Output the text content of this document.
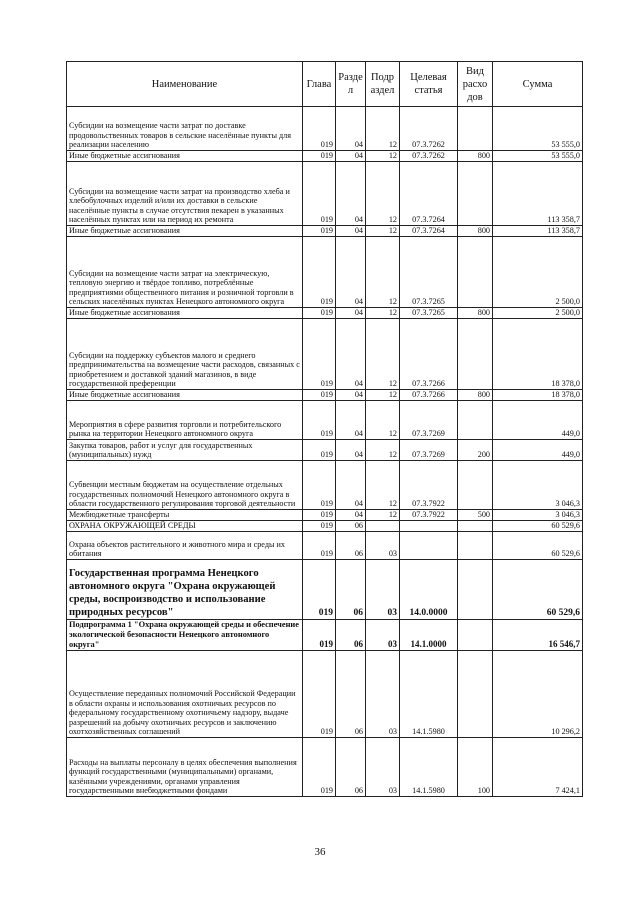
Наименование	Глава	Разде л	Подр аздел	Целевая статья	Вид расхо дов	Сумма
Субсидии на возмещение части затрат по доставке продовольственных товаров в сельские населённые пункты для реализации населению	019	04	12	07.3.7262		53 555,0
Иные бюджетные ассигнования	019	04	12	07.3.7262	800	53 555,0
Субсидии на возмещение части затрат на производство хлеба и хлебобулочных изделий и/или их доставки в сельские населённые пункты в случае отсутствия пекарен в указанных населённых пунктах или на период их ремонта	019	04	12	07.3.7264		113 358,7
Иные бюджетные ассигнования	019	04	12	07.3.7264	800	113 358,7
Субсидии на возмещение части затрат на электрическую, тепловую энергию и твёрдое топливо, потреблённые предприятиями общественного питания и розничной торговли в сельских населённых пунктах Ненецкого автономного округа	019	04	12	07.3.7265		2 500,0
Иные бюджетные ассигнования	019	04	12	07.3.7265	800	2 500,0
Субсидии на поддержку субъектов малого и среднего предпринимательства на возмещение части расходов, связанных с приобретением и доставкой зданий магазинов, в виде государственной преференции	019	04	12	07.3.7266		18 378,0
Иные бюджетные ассигнования	019	04	12	07.3.7266	800	18 378,0
Мероприятия в сфере развития торговли и потребительского рынка на территории Ненецкого автономного округа	019	04	12	07.3.7269		449,0
Закупка товаров, работ и услуг для государственных (муниципальных) нужд	019	04	12	07.3.7269	200	449,0
Субвенции местным бюджетам на осуществление отдельных государственных полномочий Ненецкого автономного округа в области государственного регулирования торговой деятельности	019	04	12	07.3.7922		3 046,3
Межбюджетные трансферты	019	04	12	07.3.7922	500	3 046,3
ОХРАНА ОКРУЖАЮЩЕЙ СРЕДЫ	019	06				60 529,6
Охрана объектов растительного и животного мира и среды их обитания	019	06	03			60 529,6
Государственная программа Ненецкого автономного округа "Охрана окружающей среды, воспроизводство и использование природных ресурсов"	019	06	03	14.0.0000		60 529,6
Подпрограмма 1 "Охрана окружающей среды и обеспечение экологической безопасности Ненецкого автономного округа"	019	06	03	14.1.0000		16 546,7
Осуществление переданных полномочий Российской Федерации в области охраны и использования охотничьих ресурсов по федеральному государственному охотничьему надзору, выдаче разрешений на добычу охотничьих ресурсов и заключению охотхозяйственных соглашений	019	06	03	14.1.5980		10 296,2
Расходы на выплаты персоналу в целях обеспечения выполнения функций государственными (муниципальными) органами, казёнными учреждениями, органами управления государственными внебюджетными фондами	019	06	03	14.1.5980	100	7 424,1
36
